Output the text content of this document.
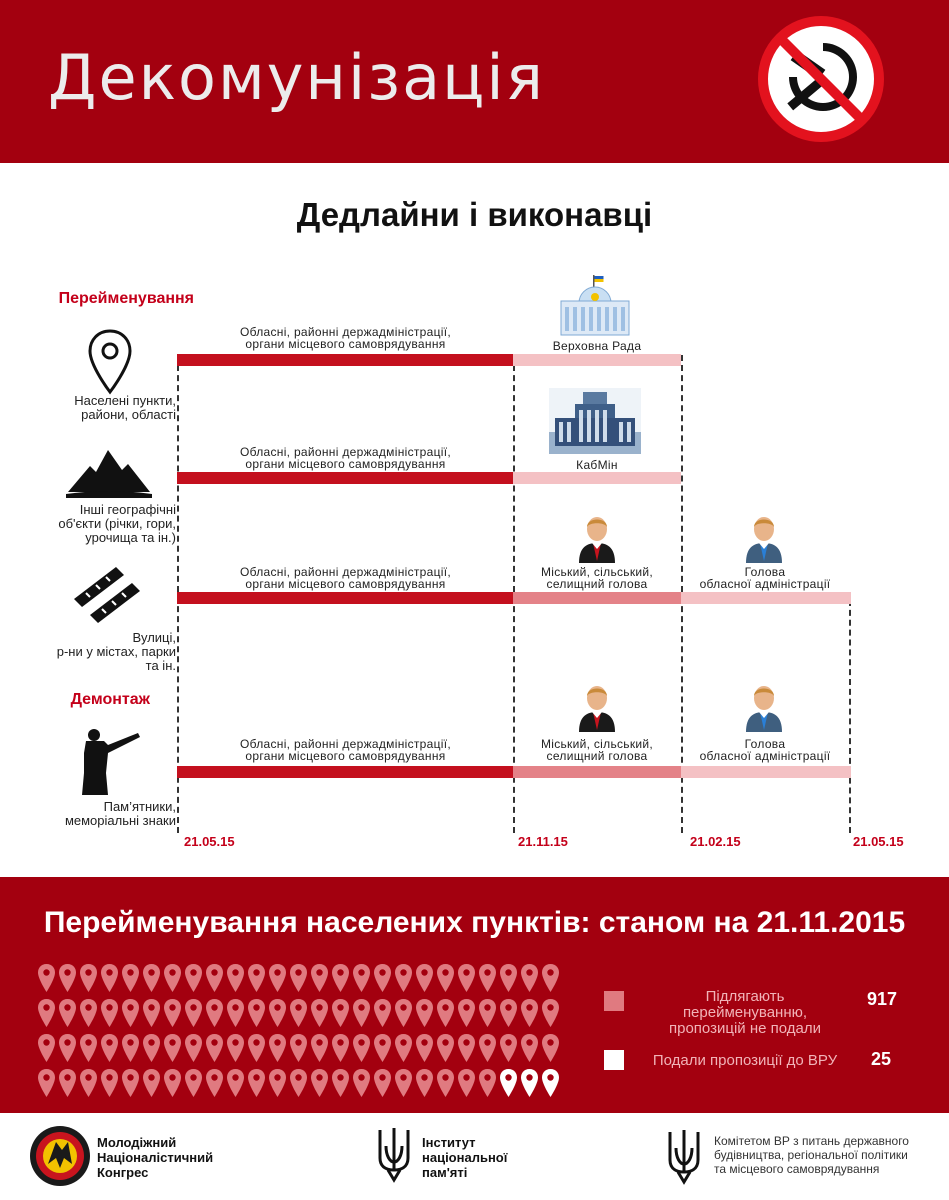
Декомунізація
Дедлайни і виконавці
Перейменування
Населені пункти,
райони, області
Обласні, районні держадміністрації,
органи місцевого самоврядування	Верховна Рада
Інші географічні
об'єкти (річки, гори,
урочища та ін.)
Обласні, районні держадміністрації,
органи місцевого самоврядування	КабМін
Вулиці,
р-ни у містах, парки
та ін.
Обласні, районні держадміністрації,
органи місцевого самоврядування
Міський, сільський,
селищний голова
Голова
обласної адміністрації
Демонтаж
Пам’ятники,
меморіальні знаки
Обласні, районні держадміністрації,
органи місцевого самоврядування
Міський, сільський,
селищний голова
Голова
обласної адміністрації
21.05.15	21.11.15	21.02.15	21.05.15
Перейменування населених пунктів: станом на 21.11.2015
Підлягають
перейменуванню,
пропозицій не подали
917
Подали пропозиції до ВРУ	25
Молодіжний
Націоналістичний
Конгрес
Інститут
національної
пам'яті
Комітетом ВР з питань державного
будівництва, регіональної політики
та місцевого самоврядування
